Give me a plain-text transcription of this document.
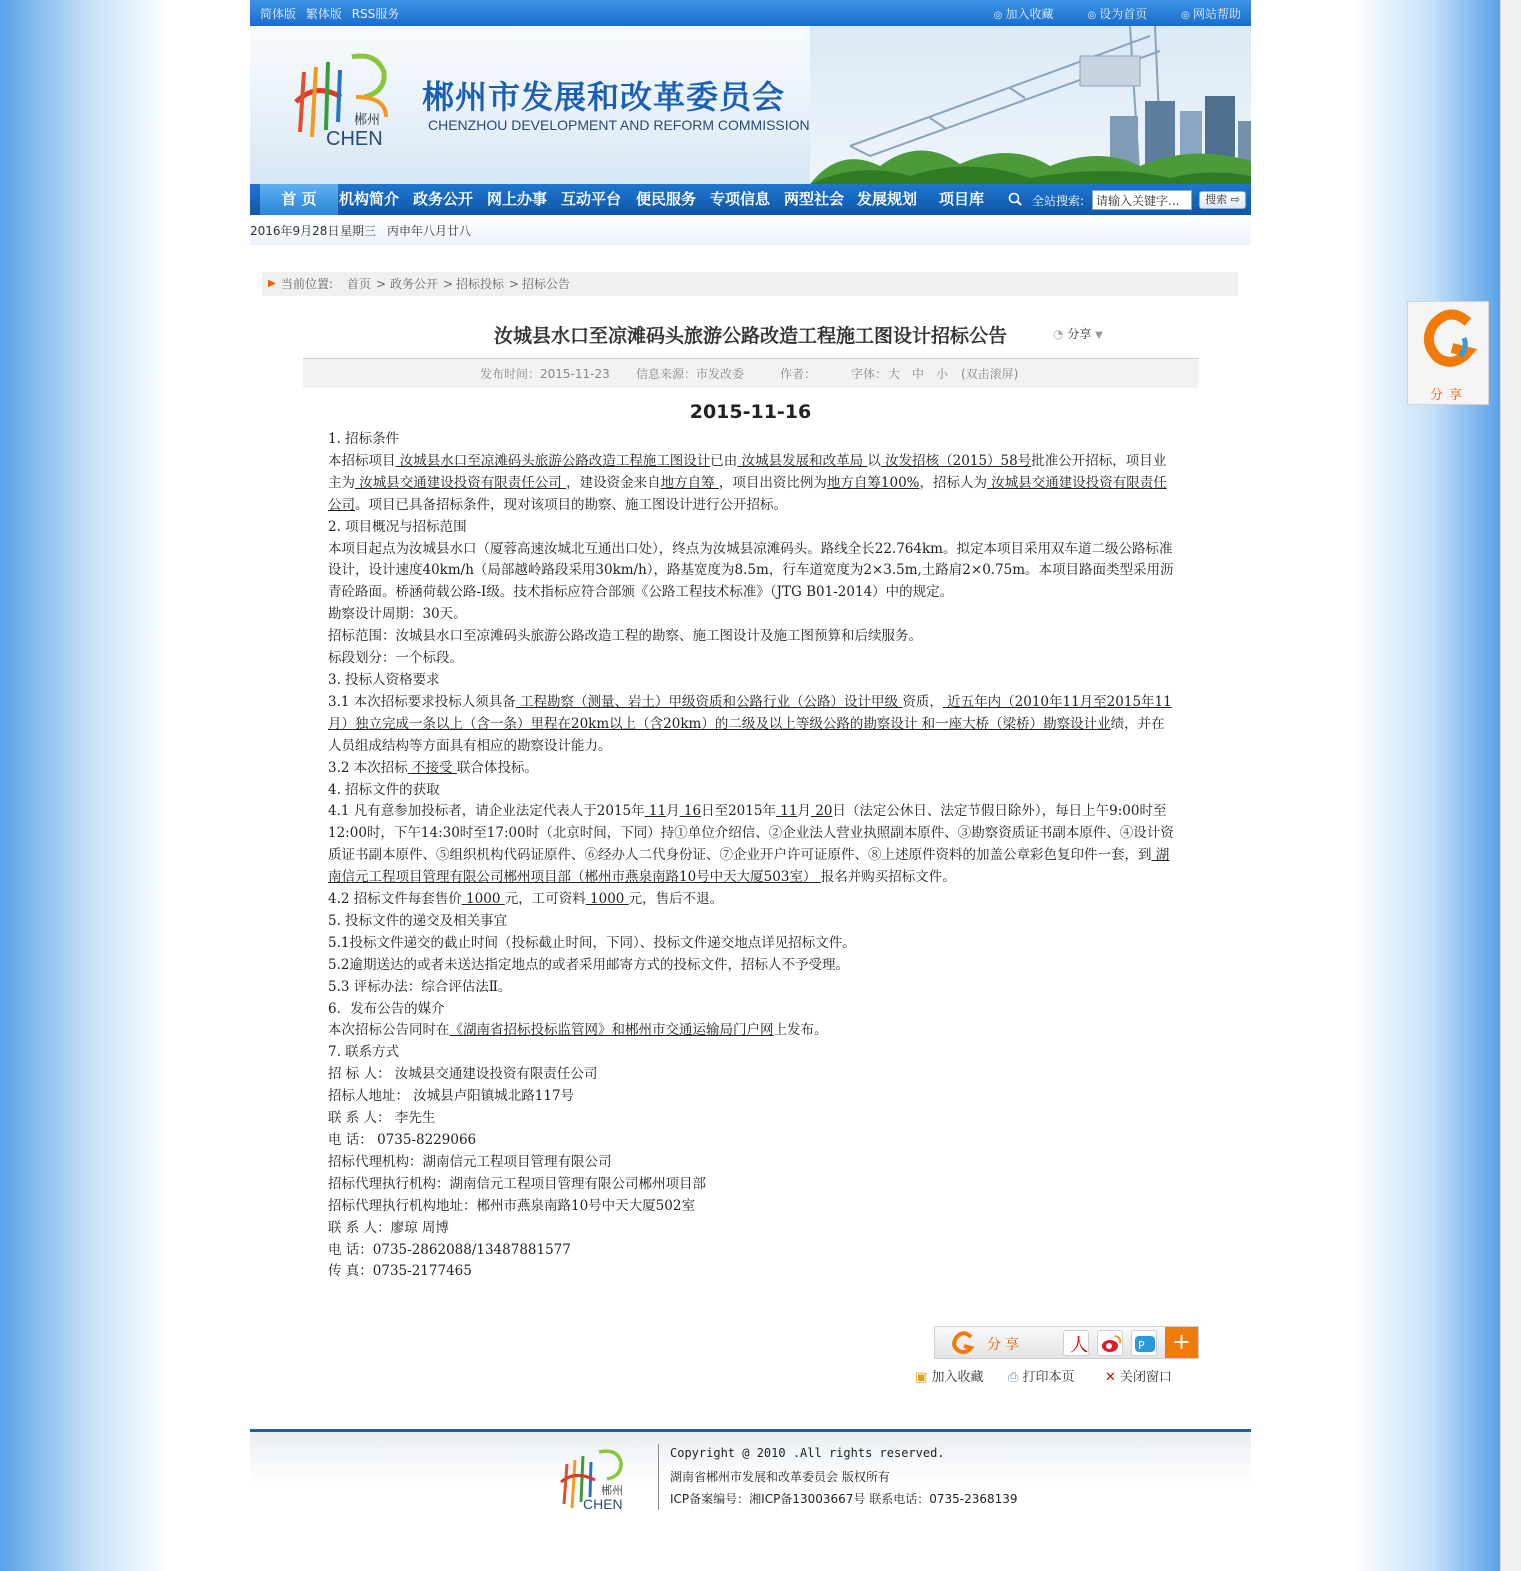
简体版 繁体版 RSS服务	◎ 加入收藏	◎ 设为首页	◎ 网站帮助
郴州
CHEN
郴州市发展和改革委员会
CHENZHOU DEVELOPMENT AND REFORM COMMISSION
首 页	机构简介 政务公开 网上办事 互动平台 便民服务 专项信息 两型社会 发展规划 项目库	全站搜索:
请输入关键字...	搜索 ⇨
2016年9月28日 星期三 丙申年八月廿八
▶ 当前位置: 首页 > 政务公开 > 招标投标 > 招标公告
汝城县水口至凉滩码头旅游公路改造工程施工图设计招标公告	◔ 分享 ▼
发布时间：2015-11-23 信息来源：市发改委	作者：	字体： 大 中 小 (双击滚屏)
2015-11-16

1. 招标条件

本招标项目 汝城县水口至凉滩码头旅游公路改造工程施工图设计已由 汝城县发展和改革局 以 汝发招核（2015）58号批准公开招标，项目业主为 汝城县交通建设投资有限责任公司 ，建设资金来自地方自筹 ，项目出资比例为地方自筹100%，招标人为 汝城县交通建设投资有限责任公司。项目已具备招标条件，现对该项目的勘察、施工图设计进行公开招标。

2. 项目概况与招标范围

本项目起点为汝城县水口（厦蓉高速汝城北互通出口处），终点为汝城县凉滩码头。路线全长22.764km。拟定本项目采用双车道二级公路标准设计，设计速度40km/h（局部越岭路段采用30km/h），路基宽度为8.5m，行车道宽度为2×3.5m,土路肩2×0.75m。本项目路面类型采用沥青砼路面。桥涵荷载公路-I级。技术指标应符合部颁《公路工程技术标准》（JTG B01-2014）中的规定。

勘察设计周期：30天。

招标范围：汝城县水口至凉滩码头旅游公路改造工程的勘察、施工图设计及施工图预算和后续服务。

标段划分：一个标段。

3. 投标人资格要求

3.1 本次招标要求投标人须具备 工程勘察（测量、岩土）甲级资质和公路行业（公路）设计甲级 资质， 近五年内（2010年11月至2015年11月）独立完成一条以上（含一条）里程在20km以上（含20km）的二级及以上等级公路的勘察设计 和一座大桥（梁桥）勘察设计业绩，并在人员组成结构等方面具有相应的勘察设计能力。

3.2 本次招标 不接受 联合体投标。

4. 招标文件的获取

4.1 凡有意参加投标者，请企业法定代表人于2015年 11月 16日至2015年 11月 20日（法定公休日、法定节假日除外），每日上午9:00时至12:00时，下午14:30时至17:00时（北京时间，下同）持①单位介绍信、②企业法人营业执照副本原件、③勘察资质证书副本原件、④设计资质证书副本原件、⑤组织机构代码证原件、⑥经办人二代身份证、⑦企业开户许可证原件、⑧上述原件资料的加盖公章彩色复印件一套，到 湖南信元工程项目管理有限公司郴州项目部（郴州市燕泉南路10号中天大厦503室） 报名并购买招标文件。

4.2 招标文件每套售价 1000 元，工可资料 1000 元，售后不退。

5. 投标文件的递交及相关事宜

5.1投标文件递交的截止时间（投标截止时间，下同）、投标文件递交地点详见招标文件。

5.2逾期送达的或者未送达指定地点的或者采用邮寄方式的投标文件，招标人不予受理。

5.3 评标办法：综合评估法Ⅱ。

6．发布公告的媒介

本次招标公告同时在《湖南省招标投标监管网》和郴州市交通运输局门户网上发布。

7. 联系方式

招 标 人： 汝城县交通建设投资有限责任公司

招标人地址： 汝城县卢阳镇城北路117号

联 系 人： 李先生

电 话： 0735-8229066

招标代理机构：湖南信元工程项目管理有限公司

招标代理执行机构：湖南信元工程项目管理有限公司郴州项目部

招标代理执行机构地址：郴州市燕泉南路10号中天大厦502室

联 系 人：廖琼 周博

电 话：0735-2862088/13487881577

传 真：0735-2177465

分享	人	P	+
▣ 加入收藏 ⎙ 打印本页 ✕ 关闭窗口
郴州
CHEN
Copyright @ 2010 .All rights reserved.
湖南省郴州市发展和改革委员会 版权所有
ICP备案编号：湘ICP备13003667号 联系电话：0735-2368139
分享
